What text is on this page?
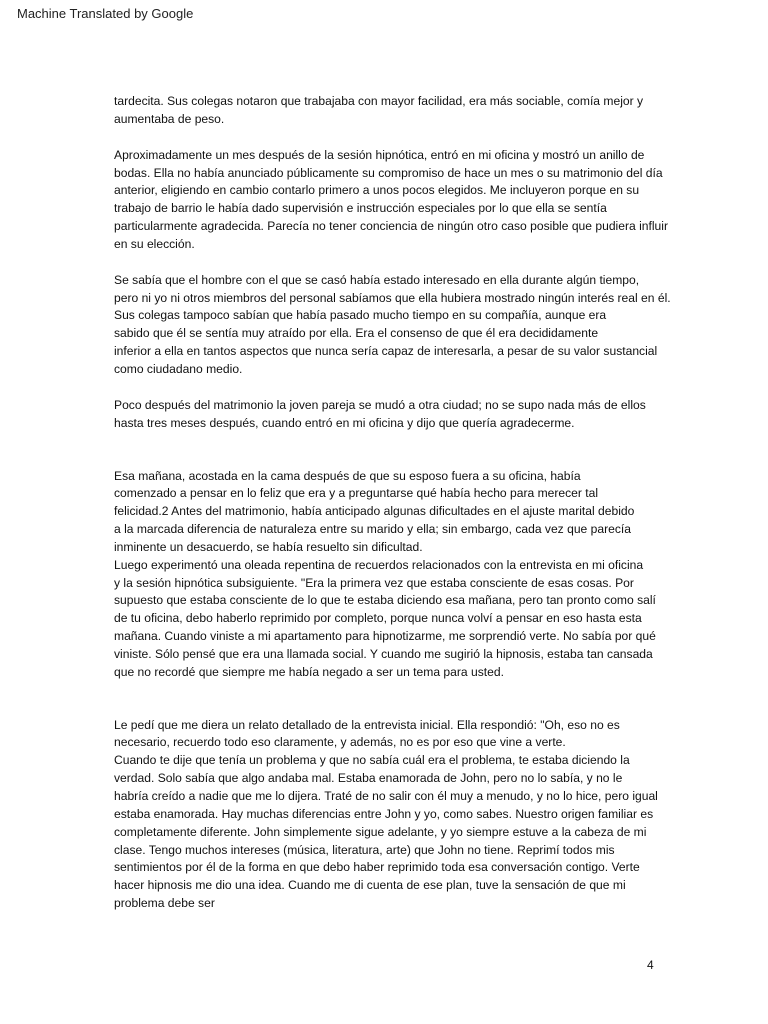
Machine Translated by Google
tardecita. Sus colegas notaron que trabajaba con mayor facilidad, era más sociable, comía mejor y
aumentaba de peso.
Aproximadamente un mes después de la sesión hipnótica, entró en mi oficina y mostró un anillo de
bodas. Ella no había anunciado públicamente su compromiso de hace un mes o su matrimonio del día
anterior, eligiendo en cambio contarlo primero a unos pocos elegidos. Me incluyeron porque en su
trabajo de barrio le había dado supervisión e instrucción especiales por lo que ella se sentía
particularmente agradecida. Parecía no tener conciencia de ningún otro caso posible que pudiera influir
en su elección.
Se sabía que el hombre con el que se casó había estado interesado en ella durante algún tiempo,
pero ni yo ni otros miembros del personal sabíamos que ella hubiera mostrado ningún interés real en él.
Sus colegas tampoco sabían que había pasado mucho tiempo en su compañía, aunque era
sabido que él se sentía muy atraído por ella. Era el consenso de que él era decididamente
inferior a ella en tantos aspectos que nunca sería capaz de interesarla, a pesar de su valor sustancial
como ciudadano medio.
Poco después del matrimonio la joven pareja se mudó a otra ciudad; no se supo nada más de ellos
hasta tres meses después, cuando entró en mi oficina y dijo que quería agradecerme.
Esa mañana, acostada en la cama después de que su esposo fuera a su oficina, había
comenzado a pensar en lo feliz que era y a preguntarse qué había hecho para merecer tal
felicidad.2 Antes del matrimonio, había anticipado algunas dificultades en el ajuste marital debido
a la marcada diferencia de naturaleza entre su marido y ella; sin embargo, cada vez que parecía
inminente un desacuerdo, se había resuelto sin dificultad.
Luego experimentó una oleada repentina de recuerdos relacionados con la entrevista en mi oficina
y la sesión hipnótica subsiguiente. "Era la primera vez que estaba consciente de esas cosas. Por
supuesto que estaba consciente de lo que te estaba diciendo esa mañana, pero tan pronto como salí
de tu oficina, debo haberlo reprimido por completo, porque nunca volví a pensar en eso hasta esta
mañana. Cuando viniste a mi apartamento para hipnotizarme, me sorprendió verte. No sabía por qué
viniste. Sólo pensé que era una llamada social. Y cuando me sugirió la hipnosis, estaba tan cansada
que no recordé que siempre me había negado a ser un tema para usted.
Le pedí que me diera un relato detallado de la entrevista inicial. Ella respondió: "Oh, eso no es
necesario, recuerdo todo eso claramente, y además, no es por eso que vine a verte.
Cuando te dije que tenía un problema y que no sabía cuál era el problema, te estaba diciendo la
verdad. Solo sabía que algo andaba mal. Estaba enamorada de John, pero no lo sabía, y no le
habría creído a nadie que me lo dijera. Traté de no salir con él muy a menudo, y no lo hice, pero igual
estaba enamorada. Hay muchas diferencias entre John y yo, como sabes. Nuestro origen familiar es
completamente diferente. John simplemente sigue adelante, y yo siempre estuve a la cabeza de mi
clase. Tengo muchos intereses (música, literatura, arte) que John no tiene. Reprimí todos mis
sentimientos por él de la forma en que debo haber reprimido toda esa conversación contigo. Verte
hacer hipnosis me dio una idea. Cuando me di cuenta de ese plan, tuve la sensación de que mi
problema debe ser
4
